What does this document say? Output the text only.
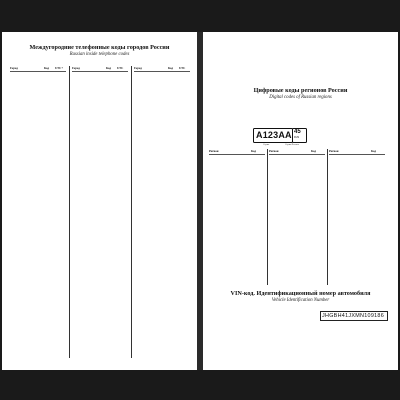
Междугородние телефонные коды городов России
Russian inside telephone codes
Город	Код UTC+	Город	Код UTC	Город	Код UTC
Цифровые коды регионов России
Digital codes of Russian regions
A123AA 45
RUS
Серия	Серия/Регион
Регион	Код	Регион	Код	Регион	Код
VIN-код. Идентификационный номер автомобиля
Vehicle Identification Number
JHGBH41JXMN109186
